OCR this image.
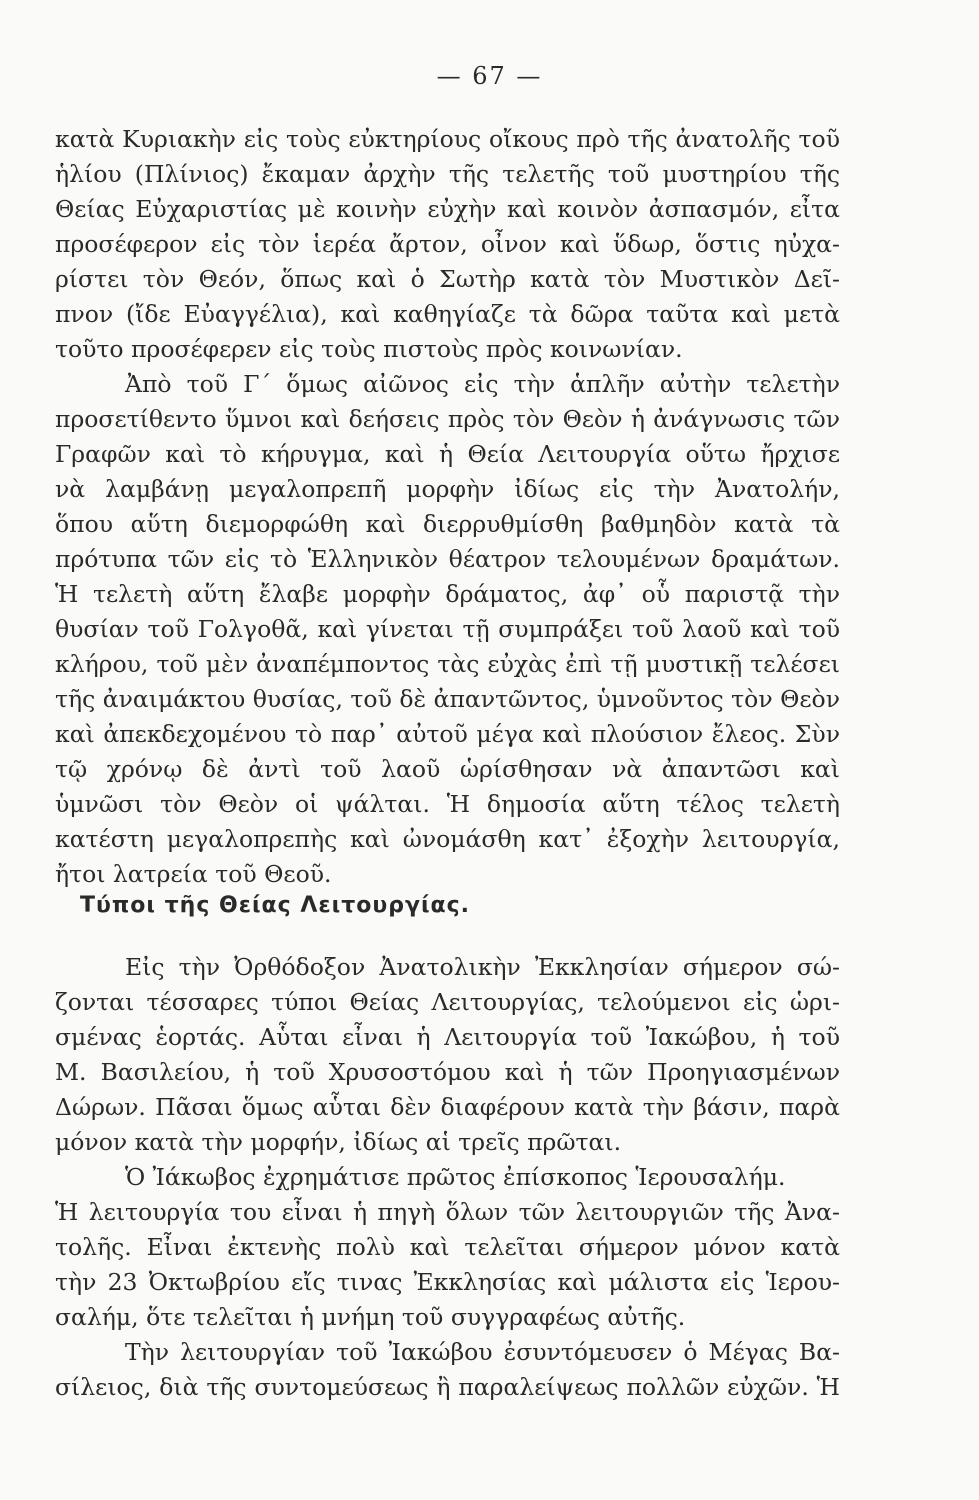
— 67 —
κατὰ Κυριακὴν εἰς τοὺς εὐκτηρίους οἴκους πρὸ τῆς ἀνατολῆς τοῦ
ἡλίου (Πλίνιος) ἔκαμαν ἀρχὴν τῆς τελετῆς τοῦ μυστηρίου τῆς
Θείας Εὐχαριστίας μὲ κοινὴν εὐχὴν καὶ κοινὸν ἀσπασμόν, εἶτα
προσέφερον εἰς τὸν ἱερέα ἄρτον, οἶνον καὶ ὕδωρ, ὅστις ηὐχα-
ρίστει τὸν Θεόν, ὅπως καὶ ὁ Σωτὴρ κατὰ τὸν Μυστικὸν Δεῖ-
πνον (ἴδε Εὐαγγέλια), καὶ καθηγίαζε τὰ δῶρα ταῦτα καὶ μετὰ
τοῦτο προσέφερεν εἰς τοὺς πιστοὺς πρὸς κοινωνίαν.
Ἀπὸ τοῦ Γ΄ ὅμως αἰῶνος εἰς τὴν ἁπλῆν αὐτὴν τελετὴν
προσετίθεντο ὕμνοι καὶ δεήσεις πρὸς τὸν Θεὸν ἡ ἀνάγνωσις τῶν
Γραφῶν καὶ τὸ κήρυγμα, καὶ ἡ Θεία Λειτουργία οὕτω ἤρχισε
νὰ λαμβάνῃ μεγαλοπρεπῆ μορφὴν ἰδίως εἰς τὴν Ἀνατολήν,
ὅπου αὕτη διεμορφώθη καὶ διερρυθμίσθη βαθμηδὸν κατὰ τὰ
πρότυπα τῶν εἰς τὸ Ἑλληνικὸν θέατρον τελουμένων δραμάτων.
Ἡ τελετὴ αὕτη ἔλαβε μορφὴν δράματος, ἀφ᾿ οὗ παριστᾷ τὴν
θυσίαν τοῦ Γολγοθᾶ, καὶ γίνεται τῇ συμπράξει τοῦ λαοῦ καὶ τοῦ
κλήρου, τοῦ μὲν ἀναπέμποντος τὰς εὐχὰς ἐπὶ τῇ μυστικῇ τελέσει
τῆς ἀναιμάκτου θυσίας, τοῦ δὲ ἀπαντῶντος, ὑμνοῦντος τὸν Θεὸν
καὶ ἀπεκδεχομένου τὸ παρ᾿ αὐτοῦ μέγα καὶ πλούσιον ἔλεος. Σὺν
τῷ χρόνῳ δὲ ἀντὶ τοῦ λαοῦ ὡρίσθησαν νὰ ἀπαντῶσι καὶ
ὑμνῶσι τὸν Θεὸν οἱ ψάλται. Ἡ δημοσία αὕτη τέλος τελετὴ
κατέστη μεγαλοπρεπὴς καὶ ὠνομάσθη κατ᾿ ἐξοχὴν λειτουργία,
ἤτοι λατρεία τοῦ Θεοῦ.
Τύποι τῆς Θείας Λειτουργίας.
Εἰς τὴν Ὀρθόδοξον Ἀνατολικὴν Ἐκκλησίαν σήμερον σώ-
ζονται τέσσαρες τύποι Θείας Λειτουργίας, τελούμενοι εἰς ὡρι-
σμένας ἑορτάς. Αὗται εἶναι ἡ Λειτουργία τοῦ Ἰακώβου, ἡ τοῦ
Μ. Βασιλείου, ἡ τοῦ Χρυσοστόμου καὶ ἡ τῶν Προηγιασμένων
Δώρων. Πᾶσαι ὅμως αὗται δὲν διαφέρουν κατὰ τὴν βάσιν, παρὰ
μόνον κατὰ τὴν μορφήν, ἰδίως αἱ τρεῖς πρῶται.
Ὁ Ἰάκωβος ἐχρημάτισε πρῶτος ἐπίσκοπος Ἱερουσαλήμ.
Ἡ λειτουργία του εἶναι ἡ πηγὴ ὅλων τῶν λειτουργιῶν τῆς Ἀνα-
τολῆς. Εἶναι ἐκτενὴς πολὺ καὶ τελεῖται σήμερον μόνον κατὰ
τὴν 23 Ὀκτωβρίου εἴς τινας Ἐκκλησίας καὶ μάλιστα εἰς Ἱερου-
σαλήμ, ὅτε τελεῖται ἡ μνήμη τοῦ συγγραφέως αὐτῆς.
Τὴν λειτουργίαν τοῦ Ἰακώβου ἐσυντόμευσεν ὁ Μέγας Βα-
σίλειος, διὰ τῆς συντομεύσεως ἢ παραλείψεως πολλῶν εὐχῶν. Ἡ
